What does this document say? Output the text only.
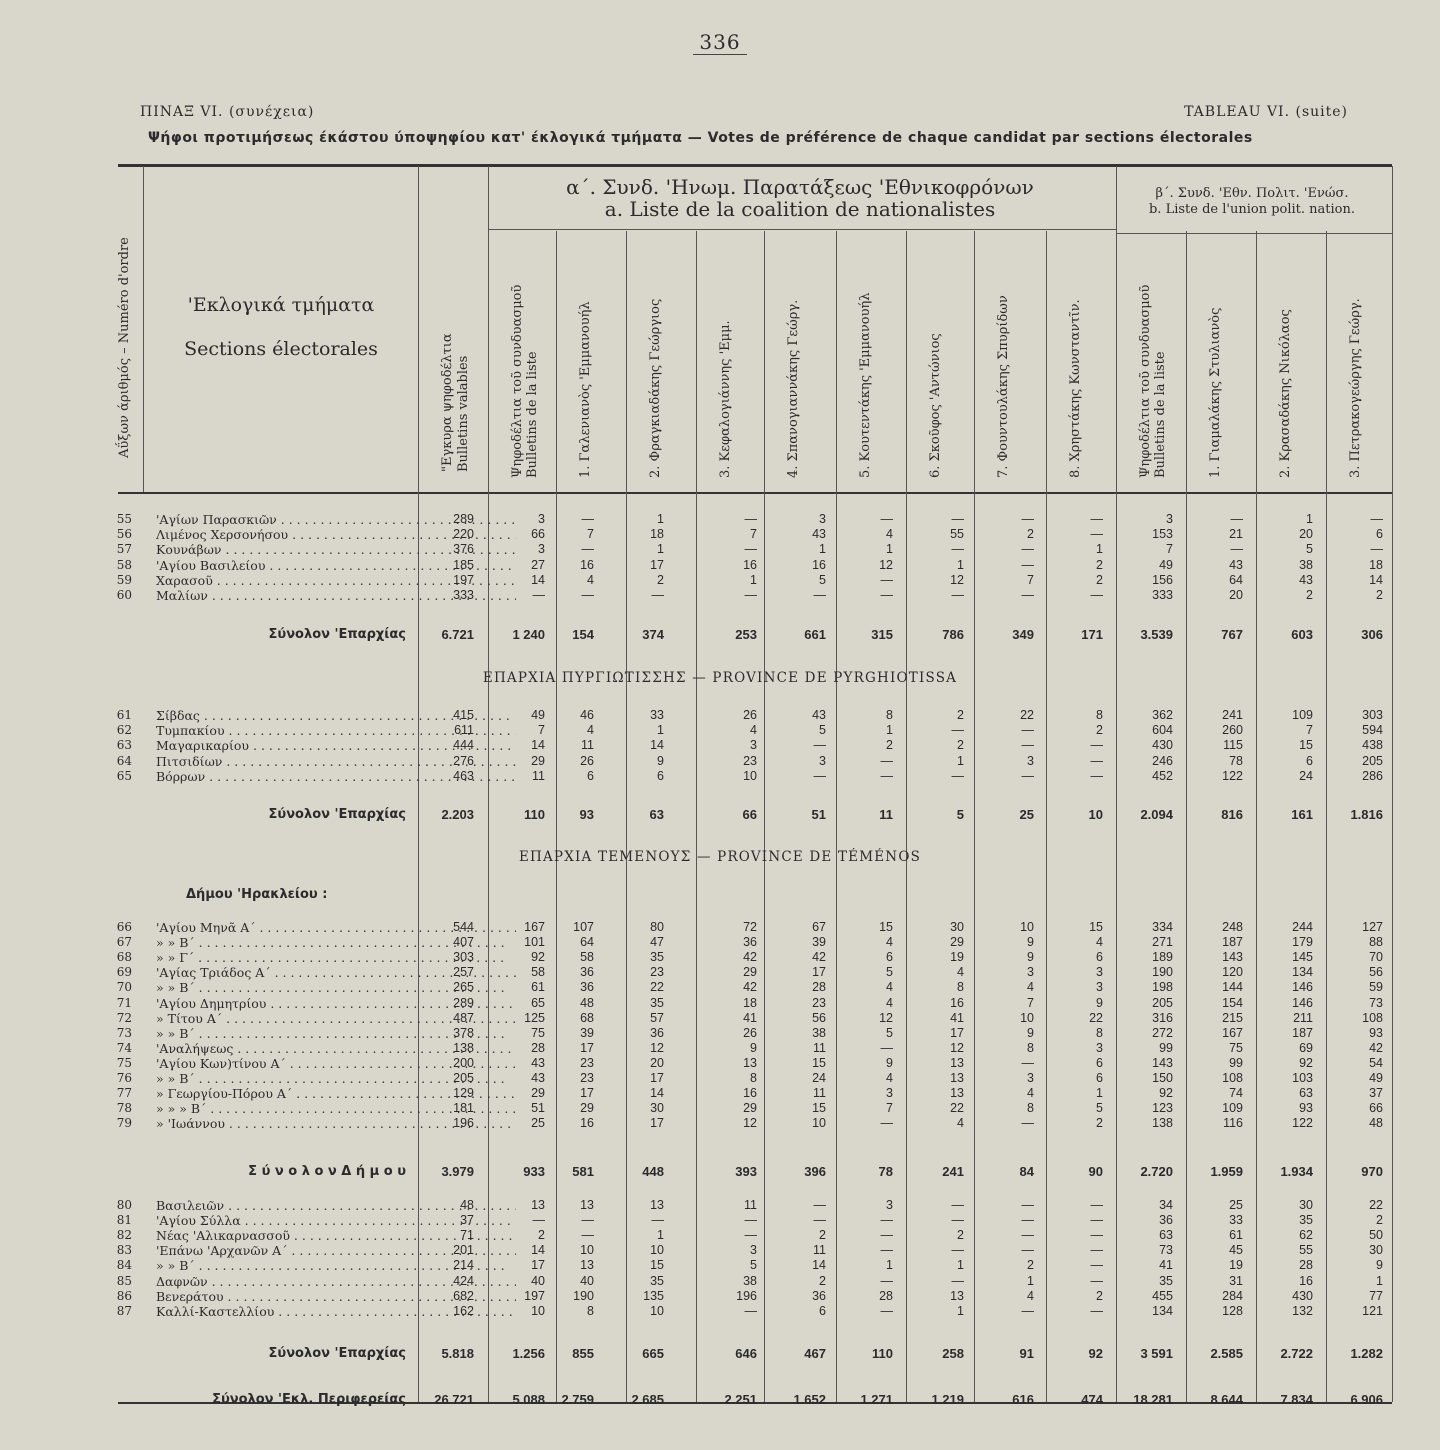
336
ΠΙΝΑΞ VI. (συνέχεια)	TABLEAU VI. (suite)
Ψήφοι προτιμήσεως έκάστου ύποψηφίου κατ' έκλογικά τμήματα — Votes de préférence de chaque candidat par sections électorales
Αΰξων άριθμός – Numéro d'ordre	'Εκλογικά τμήματα
Sections électorales	"Εγκυρα ψηφοδέλτια Bulletins valables
α΄. Συνδ. 'Ηνωμ. Παρατάξεως 'Εθνικοφρόνων
a. Liste de la coalition de nationalistes
β΄. Συνδ. 'Εθν. Πολιτ. 'Ενώσ.
b. Liste de l'union polit. nation.
Ψηφοδέλτια τοῦ συνδυασμοῦ Bulletins de la liste	1. Γαλενιανὸς 'Εμμανουήλ	2. Φραγκιαδάκης Γεώργιος	3. Κεφαλογιάννης 'Εμμ.	4. Σπανογιαννάκης Γεώργ.	5. Κουτεντάκης 'Εμμανουήλ	6. Σκοῦφος 'Αντώνιος	7. Φουντουλάκης Σπυρίδων	8. Χρηστάκης Κωνσταντῖν.	Ψηφοδέλτια τοῦ συνδυασμοῦ Bulletins de la liste	1. Γιαμαλάκης Στυλιανὸς	2. Κρασαδάκης Νικόλαος	3. Πετρακογεώργης Γεώργ.
ΕΠΑΡΧΙΑ ΠΥΡΓΙΩΤΙΣΣΗΣ — PROVINCE DE PYRGHIOTISSA
ΕΠΑΡΧΙΑ ΤΕΜΕΝΟΥΣ — PROVINCE DE TÉMÉNOS
Δήμου 'Ηρακλείου :
55 'Αγίων Παρασκιῶν . . .	289	3	—	1	—	3	—	—	—	—	3	—	1	—
56 Λιμένος Χερσονήσου . . .	220	66	7	18	7	43	4	55	2	—	153	21	20	6
57 Κουνάβων . . .	376	3	—	1	—	1	1	—	—	1	7	—	5	—
58 'Αγίου Βασιλείου . . .	185	27	16	17	16	16	12	1	—	2	49	43	38	18
59 Χαρασοῦ . . .	197	14	4	2	1	5	—	12	7	2	156	64	43	14
60 Μαλίων . . .	333	—	—	—	—	—	—	—	—	—	333	20	2	2
Σύνολον 'Επαρχίας	6.721	1 240	154	374	253	661	315	786	349	171	3.539	767	603	306
61 Σίβδας . . .	415	49	46	33	26	43	8	2	22	8	362	241	109	303
62 Τυμπακίου . . .	611	7	4	1	4	5	1	—	—	2	604	260	7	594
63 Μαγαρικαρίου . . .	444	14	11	14	3	—	2	2	—	—	430	115	15	438
64 Πιτσιδίων . . .	276	29	26	9	23	3	—	1	3	—	246	78	6	205
65 Βόρρων . . .	463	11	6	6	10	—	—	—	—	—	452	122	24	286
Σύνολον 'Επαρχίας	2.203	110	93	63	66	51	11	5	25	10	2.094	816	161	1.816
66 'Αγίου Μηνᾶ Α΄ . . .	544	167	107	80	72	67	15	30	10	15	334	248	244	127
67 » » Β΄ . . .	407	101	64	47	36	39	4	29	9	4	271	187	179	88
68 » » Γ΄ . . .	303	92	58	35	42	42	6	19	9	6	189	143	145	70
69 'Αγίας Τριάδος Α΄ . . .	257	58	36	23	29	17	5	4	3	3	190	120	134	56
70 » » Β΄ . . .	265	61	36	22	42	28	4	8	4	3	198	144	146	59
71 'Αγίου Δημητρίου . . .	289	65	48	35	18	23	4	16	7	9	205	154	146	73
72 » Τίτου Α΄ . . .	487	125	68	57	41	56	12	41	10	22	316	215	211	108
73 » » Β΄ . . .	378	75	39	36	26	38	5	17	9	8	272	167	187	93
74 'Αναλήψεως . . .	138	28	17	12	9	11	—	12	8	3	99	75	69	42
75 'Αγίου Κων)τίνου Α΄ . . .	200	43	23	20	13	15	9	13	—	6	143	99	92	54
76 » » Β΄ . . .	205	43	23	17	8	24	4	13	3	6	150	108	103	49
77 » Γεωργίου-Πόρου Α΄ . . .	129	29	17	14	16	11	3	13	4	1	92	74	63	37
78 » » » Β΄ . . .	181	51	29	30	29	15	7	22	8	5	123	109	93	66
79 » 'Ιωάννου . . .	196	25	16	17	12	10	—	4	—	2	138	116	122	48
Σ ύ ν ο λ ο ν Δ ή μ ο υ	3.979	933	581	448	393	396	78	241	84	90	2.720	1.959	1.934	970
80 Βασιλειῶν . . .	48	13	13	13	11	—	3	—	—	—	34	25	30	22
81 'Αγίου Σύλλα . . .	37	—	—	—	—	—	—	—	—	—	36	33	35	2
82 Νέας 'Αλικαρνασσοῦ . . .	71	2	—	1	—	2	—	2	—	—	63	61	62	50
83 'Επάνω 'Αρχανῶν Α΄ . . .	201	14	10	10	3	11	—	—	—	—	73	45	55	30
84 » » Β΄ . . .	214	17	13	15	5	14	1	1	2	—	41	19	28	9
85 Δαφνῶν . . .	424	40	40	35	38	2	—	—	1	—	35	31	16	1
86 Βενεράτου . . .	682	197	190	135	196	36	28	13	4	2	455	284	430	77
87 Καλλί-Καστελλίου . . .	162	10	8	10	—	6	—	1	—	—	134	128	132	121
Σύνολον 'Επαρχίας	5.818	1.256	855	665	646	467	110	258	91	92	3 591	2.585	2.722	1.282
Σύνολον 'Εκλ. Περιφερείας	26 721	5.088	2.759	2.685	2.251	1.652	1.271	1.219	616	474	18.281	8.644	7.834	6.906
